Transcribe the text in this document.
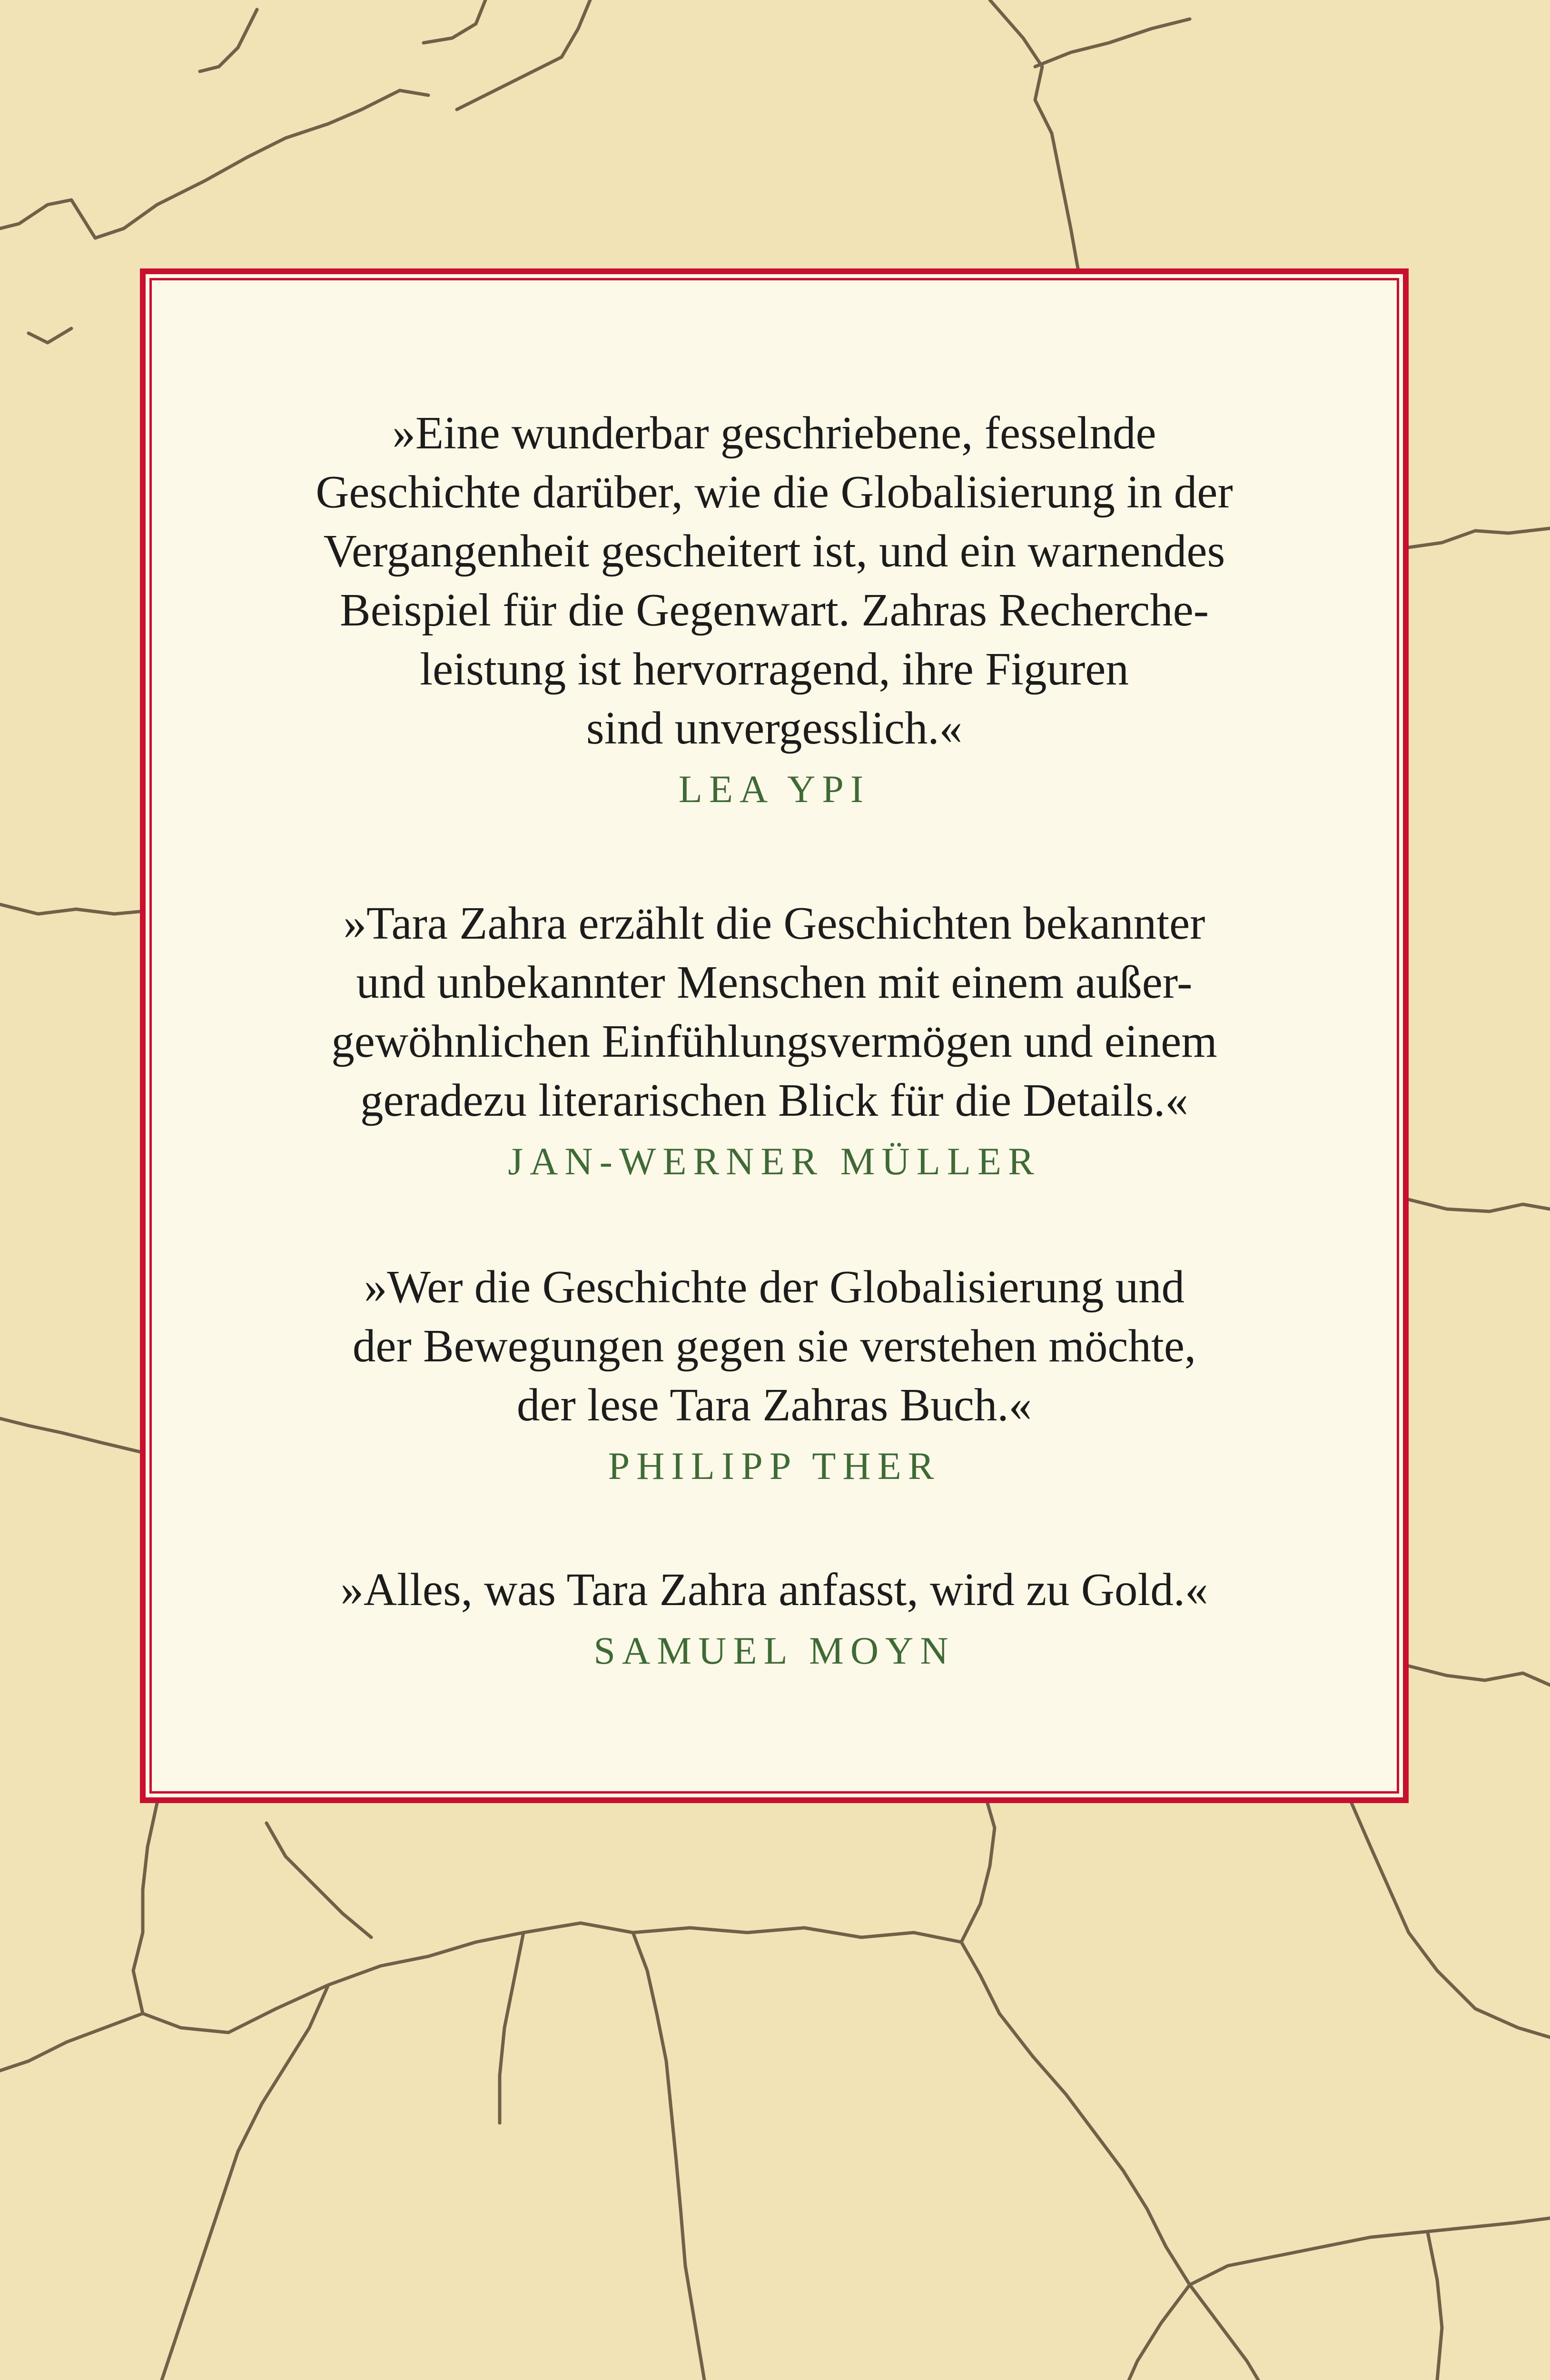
»Eine wunderbar geschriebene, fesselnde
Geschichte darüber, wie die Globalisierung in der
Vergangenheit gescheitert ist, und ein warnendes
Beispiel für die Gegenwart. Zahras Recherche-
leistung ist hervorragend, ihre Figuren
sind unvergesslich.«

LEA YPI

»Tara Zahra erzählt die Geschichten bekannter
und unbekannter Menschen mit einem außer-
gewöhnlichen Einfühlungsvermögen und einem
geradezu literarischen Blick für die Details.«

JAN-WERNER MÜLLER

»Wer die Geschichte der Globalisierung und
der Bewegungen gegen sie verstehen möchte,
der lese Tara Zahras Buch.«

PHILIPP THER

»Alles, was Tara Zahra anfasst, wird zu Gold.«

SAMUEL MOYN
